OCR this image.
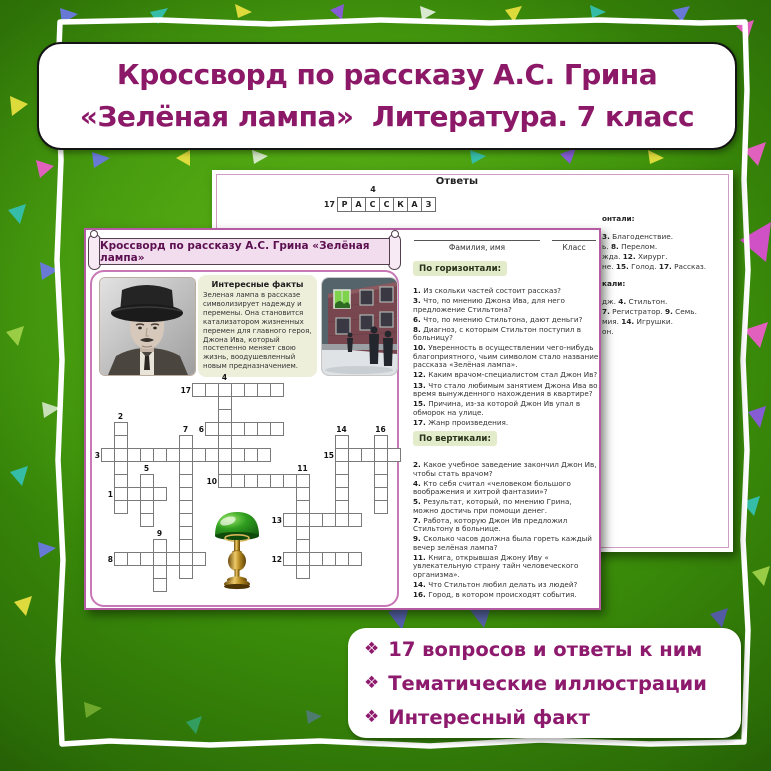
Кроссворд по рассказу А.С. Грина
«Зелёная лампа»  Литература. 7 класс
Ответы
17
4
Р А С	С К А	З
онтали:
3. Благоденствие.
ь. 8. Перелом.
жда. 12. Хирург.
не. 15. Голод. 17. Рассказ.
кали:
дж. 4. Стильтон.
7. Регистратор. 9. Семь.
мия. 14. Игрушки.
он.
Кроссворд по рассказу А.С. Грина «Зелёная лампа»
Интересные факты
Зеленая лампа в рассказе символизирует надежду и перемены. Она становится катализатором жизненных перемен для главного героя, Джона Ива, который постепенно меняет свою жизнь, воодушевленный новым предназначением.
1
2
3
4
5
6
7
8
9
10
11
12
13
14
15
16
17
Фамилия, имя	Класс
По горизонтали:
1. Из скольки частей состоит рассказ?
3. Что, по мнению Джона Ива, для него предложение Стильтона?
6. Что, по мнению Стильтона, дают деньги?
8. Диагноз, с которым Стильтон поступил в больницу?
10. Уверенность в осуществлении чего-нибудь благоприятного, чьим символом стало название рассказа «Зелёная лампа».
12. Каким врачом-специалистом стал Джон Ив?
13. Что стало любимым занятием Джона Ива во время вынужденного нахождения в квартире?
15. Причина, из-за которой Джон Ив упал в обморок на улице.
17. Жанр произведения.
По вертикали:
2. Какое учебное заведение закончил Джон Ив, чтобы стать врачом?
4. Кто себя считал «человеком большого воображения и хитрой фантазии»?
5. Результат, который, по мнению Грина, можно достичь при помощи денег.
7. Работа, которую Джон Ив предложил Стильтону в больнице.
9. Сколько часов должна была гореть каждый вечер зелёная лампа?
11. Книга, открывшая Джону Иву « увлекательную страну тайн человеческого организма».
14. Что Стильтон любил делать из людей?
16. Город, в котором происходят события.
❖ 17 вопросов и ответы к ним
❖ Тематические иллюстрации
❖ Интересный факт
